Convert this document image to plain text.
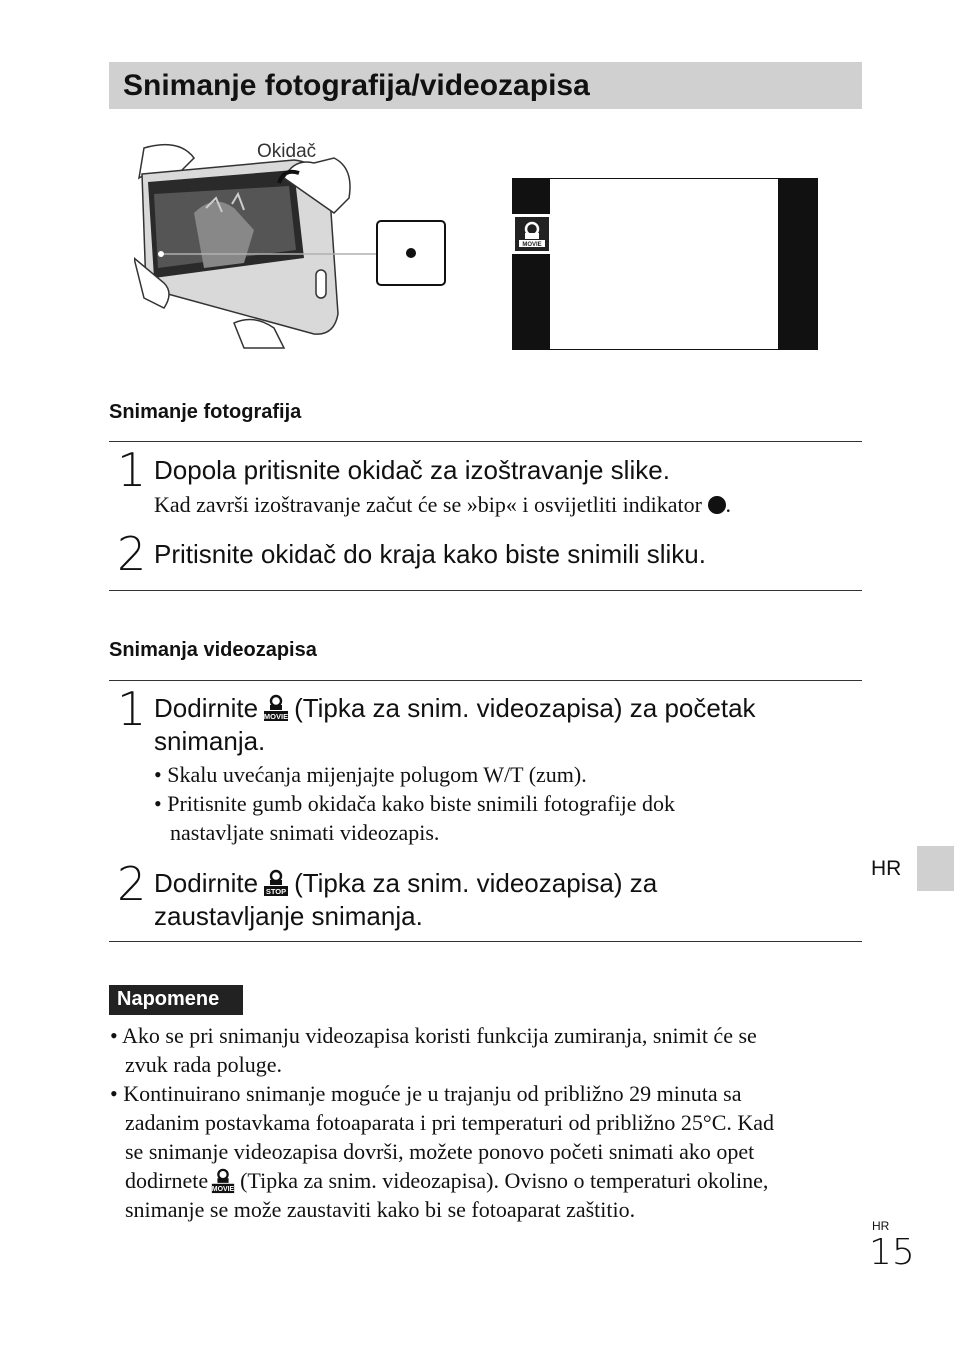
Snimanje fotografija/videozapisa
Okidač
MOVIE
Snimanje fotografija
1 Dopola pritisnite okidač za izoštravanje slike.
Kad završi izoštravanje začut će se »bip« i osvijetliti indikator .
2 Pritisnite okidač do kraja kako biste snimili sliku.
Snimanja videozapisa
1 Dodirnite MOVIE (Tipka za snim. videozapisa) za početak
snimanja.
• Skalu uvećanja mijenjajte polugom W/T (zum).
• Pritisnite gumb okidača kako biste snimili fotografije dok
nastavljate snimati videozapis.
2 Dodirnite STOP (Tipka za snim. videozapisa) za
zaustavljanje snimanja.
Napomene

• Ako se pri snimanju videozapisa koristi funkcija zumiranja, snimit će se
zvuk rada poluge.

• Kontinuirano snimanje moguće je u trajanju od približno 29 minuta sa
zadanim postavkama fotoaparata i pri temperaturi od približno 25°C. Kad
se snimanje videozapisa dovrši, možete ponovo početi snimati ako opet
dodirnete MOVIE (Tipka za snim. videozapisa). Ovisno o temperaturi okoline,
snimanje se može zaustaviti kako bi se fotoaparat zaštitio.

HR
HR
15
